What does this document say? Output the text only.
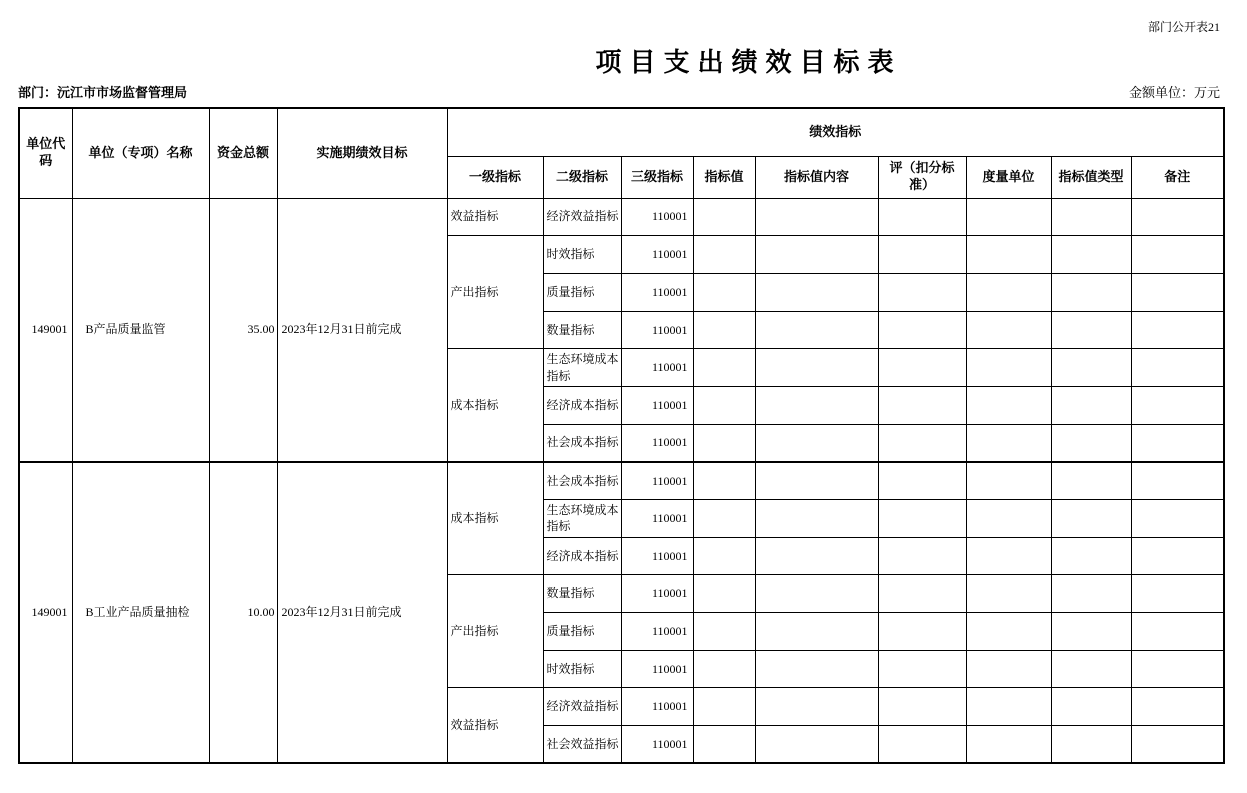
部门公开表21
项目支出绩效目标表
部门：沅江市市场监督管理局	金额单位：万元
单位代码	单位（专项）名称	资金总额	实施期绩效目标	绩效指标								
				一级指标	二级指标	三级指标	指标值	指标值内容	评（扣分标准）	度量单位	指标值类型	备注
149001	B产品质量监管	35.00	2023年12月31日前完成	效益指标	经济效益指标	110001						
				产出指标	时效指标	110001						
					质量指标	110001						
					数量指标	110001						
				成本指标	生态环境成本指标	110001						
					经济成本指标	110001						
					社会成本指标	110001						
149001	B工业产品质量抽检	10.00	2023年12月31日前完成	成本指标	社会成本指标	110001						
					生态环境成本指标	110001						
					经济成本指标	110001						
				产出指标	数量指标	110001						
					质量指标	110001						
					时效指标	110001						
				效益指标	经济效益指标	110001						
					社会效益指标	110001						
